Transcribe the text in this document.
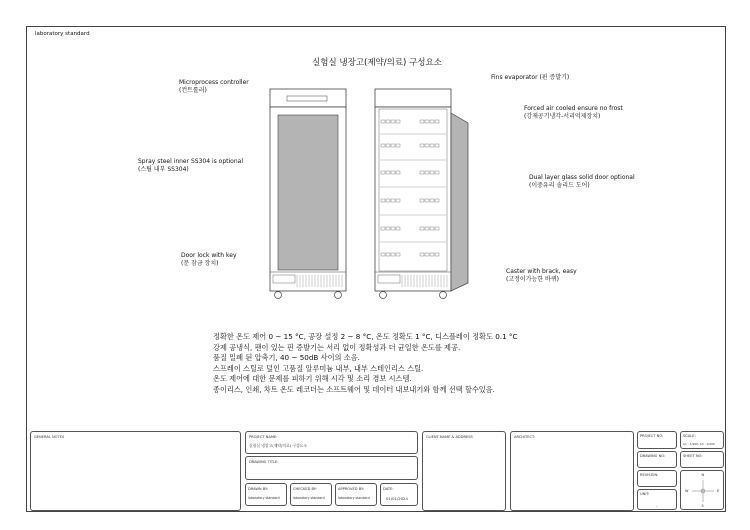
laboratory standard
실험실 냉장고(제약/의료) 구성요소
Microprocess controller
(컨트롤러)
Spray steel inner SS304 is optional
(스틸 내부 SS304)
Door lock with key
(문 잠금 장치)
Fins evaporator (핀 증발기)
Forced air cooled ensure no frost
(강제공기냉각-서리억제장치)
Dual layer glass solid door optional
(이중유리 솔리드 도어)
Caster with brack, easy
(고정이가능한 바퀴)
정확한 온도 제어 0 ~ 15 °C, 공장 설정 2 ~ 8 °C, 온도 정확도 1 °C, 디스플레이 정확도 0.1 °C
강제 공냉식, 팬이 있는 핀 증발기는 서리 없이 정확성과 더 균일한 온도를 제공.
품질 밀폐 된 압축기, 40 ~ 50dB 사이의 소음.
스프레이 스틸로 덮인 고품질 알루미늄 내부, 내부 스테인리스 스틸.
온도 제어에 대한 문제를 피하기 위해 시각 및 소리 경보 시스템.
종이리스, 인쇄, 차트 온도 레코더는 소프트웨어 및 데이터 내보내기와 함께 선택 할수있음.
GENERAL NOTES	PROJECT NAME:
실험실 냉장고(제약/의료) 구성요소
DRAWING TITLE:
DRAWN BY:
laboratory standard
CHECKED BY:
laboratory standard
APPROVED BY:
laboratory standard
DATE:
01/01/2024
CLIENT NAME & ADDRESS	ARCHITECT:	PROJECT NO:
DRAWING NO:
REVISION:
UNIT:
-
SCALE:
A1 : 1/100, A3 : 1/200
SHEET NO:
N
S
E
W
